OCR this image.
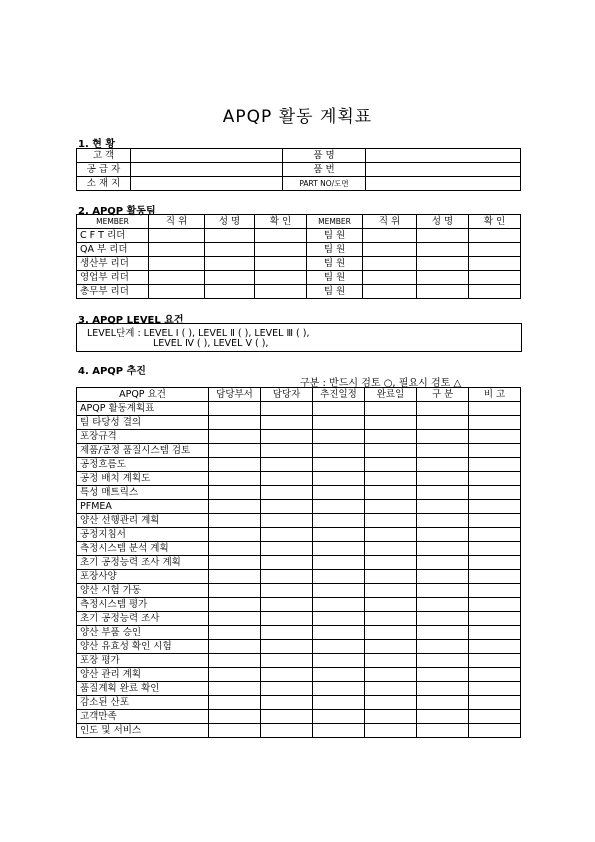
APQP 활동 계획표
1. 현 황
고 객		품 명	
공 급 자		품 번	
소 재 지		PART NO/도면	
2. APQP 활동팀
MEMBER	직 위	성 명	확 인	MEMBER	직 위	성 명	확 인
C F T 리더				팀 원			
QA 부 리더				팀 원			
생산부 리더				팀 원			
영업부 리더				팀 원			
총무부 리더				팀 원			
3. APQP LEVEL 요건
LEVEL단계 : LEVEL Ⅰ ( ), LEVEL Ⅱ ( ), LEVEL Ⅲ ( ),
LEVEL Ⅳ ( ), LEVEL Ⅴ ( ),
4. APQP 추진
구분 : 반드시 검토 ○, 필요시 검토 △
APQP 요건	담당부서	담당자	추진일정	완료일	구 분	비 고
APQP 활동계획표						
팀 타당성 결의						
포장규격						
제품/공정 품질시스템 검토						
공정흐름도						
공정 배치 계획도						
특성 매트릭스						
PFMEA						
양산 선행관리 계획						
공정지침서						
측정시스템 분석 계획						
초기 공정능력 조사 계획						
포장사양						
양산 시험 가동						
측정시스템 평가						
초기 공정능력 조사						
양산 부품 승인						
양산 유효성 확인 시험						
포장 평가						
양산 관리 계획						
품질계획 완료 확인						
감소된 산포						
고객만족						
인도 및 서비스						
